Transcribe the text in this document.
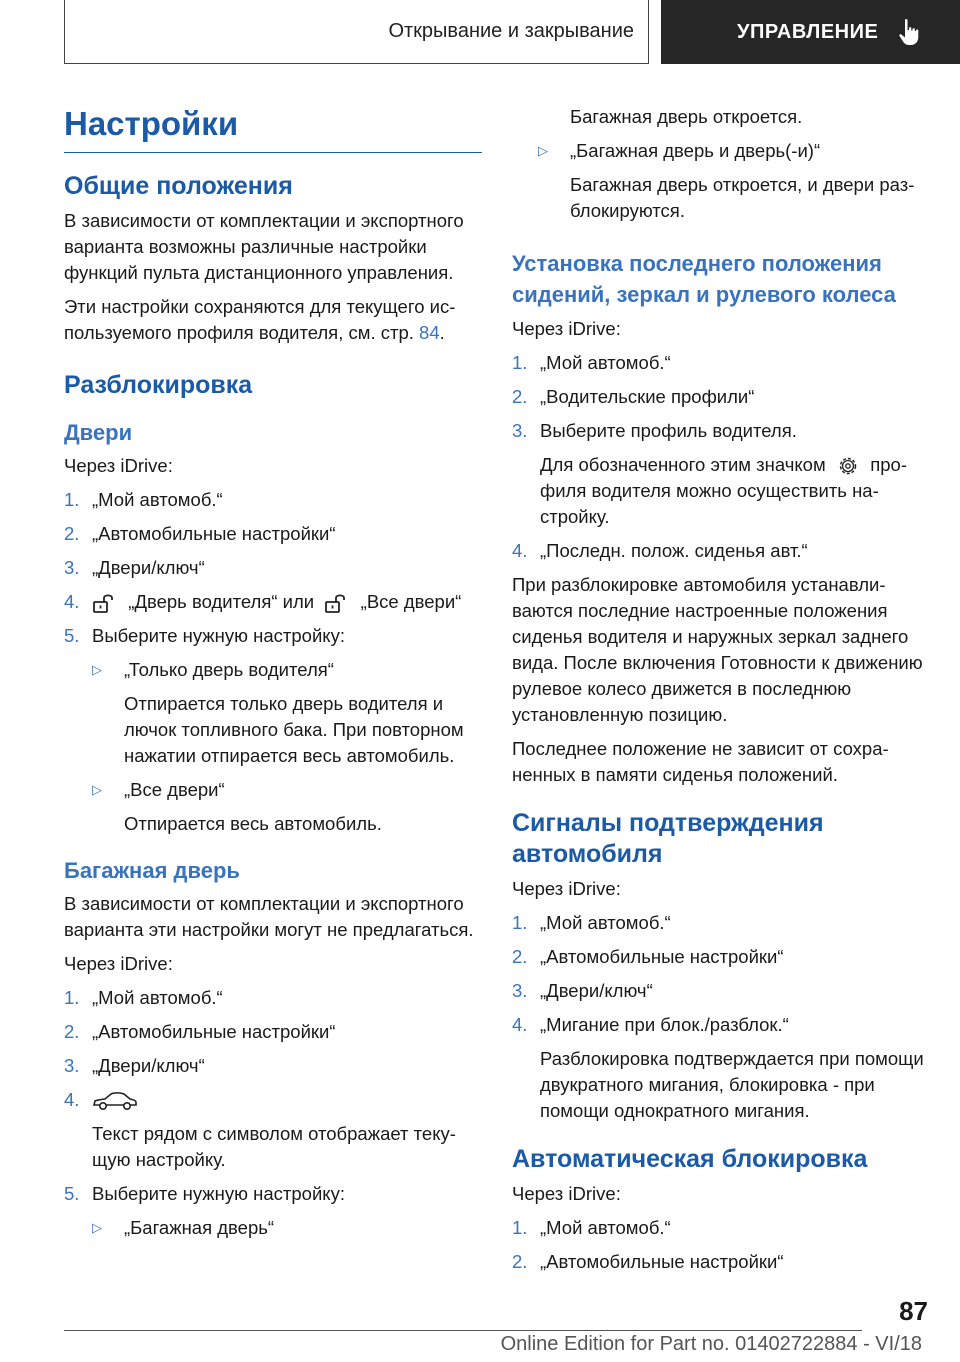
Открывание и закрывание	УПРАВЛЕНИЕ
Настройки
Общие положения

В зависимости от комплектации и экспортного варианта возможны различные настройки функций пульта дистанционного управления.

Эти настройки сохраняются для текущего используемого профиля водителя, см. стр. 84.

Разблокировка
Двери

Через iDrive:

1. „Мой автомоб.“
2. „Автомобильные настройки“
3. „Двери/ключ“
4.	„Дверь водителя“ или	„Все двери“
5. Выберите нужную настройку:
▷	„Только дверь водителя“
Отпирается только дверь водителя и лючок топливного бака. При повторном нажатии отпирается весь автомобиль.
▷	„Все двери“
Отпирается весь автомобиль.
Багажная дверь

В зависимости от комплектации и экспортного варианта эти настройки могут не предлагаться.

Через iDrive:

1. „Мой автомоб.“
2. „Автомобильные настройки“
3. „Двери/ключ“
4.
Текст рядом с символом отображает текущую настройку.
5. Выберите нужную настройку:
▷	„Багажная дверь“
Багажная дверь откроется.
▷	„Багажная дверь и дверь(-и)“
Багажная дверь откроется, и двери разблокируются.
Установка последнего положения сидений, зеркал и рулевого колеса

Через iDrive:

1. „Мой автомоб.“
2. „Водительские профили“
3. Выберите профиль водителя.
Для обозначенного этим значком профиля водителя можно осуществить настройку.
4. „Последн. полож. сиденья авт.“

При разблокировке автомобиля устанавливаются последние настроенные положения сиденья водителя и наружных зеркал заднего вида. После включения Готовности к движению рулевое колесо движется в последнюю установленную позицию.

Последнее положение не зависит от сохраненных в памяти сиденья положений.

Сигналы подтверждения автомобиля

Через iDrive:

1. „Мой автомоб.“
2. „Автомобильные настройки“
3. „Двери/ключ“
4. „Мигание при блок./разблок.“
Разблокировка подтверждается при помощи двукратного мигания, блокировка - при помощи однократного мигания.
Автоматическая блокировка

Через iDrive:

1. „Мой автомоб.“
2. „Автомобильные настройки“
87
Online Edition for Part no. 01402722884 - VI/18
